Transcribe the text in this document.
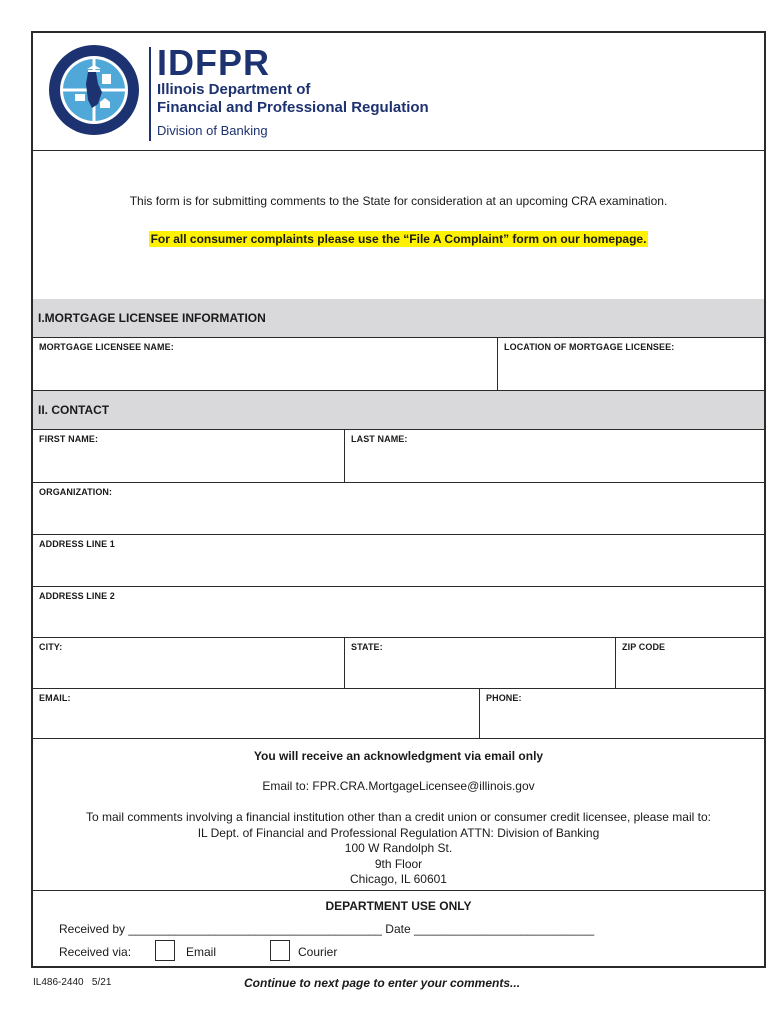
IDFPR
Illinois Department of
Financial and Professional Regulation
Division of Banking
This form is for submitting comments to the State for consideration at an upcoming CRA examination.
For all consumer complaints please use the “File A Complaint” form on our homepage.
I.MORTGAGE LICENSEE INFORMATION
MORTGAGE LICENSEE NAME:	LOCATION OF MORTGAGE LICENSEE:
II. CONTACT
FIRST NAME:	LAST NAME:
ORGANIZATION:
ADDRESS LINE 1
ADDRESS LINE 2
CITY:	STATE:	ZIP CODE
EMAIL:	PHONE:
You will receive an acknowledgment via email only
Email to: FPR.CRA.MortgageLicensee@illinois.gov
To mail comments involving a financial institution other than a credit union or consumer credit licensee, please mail to:
IL Dept. of Financial and Professional Regulation ATTN: Division of Banking
100 W Randolph St.
9th Floor
Chicago, IL 60601
DEPARTMENT USE ONLY
Received by ______________________________________ Date ___________________________
Received via:	Email	Courier
IL486-2440   5/21	Continue to next page to enter your comments...
